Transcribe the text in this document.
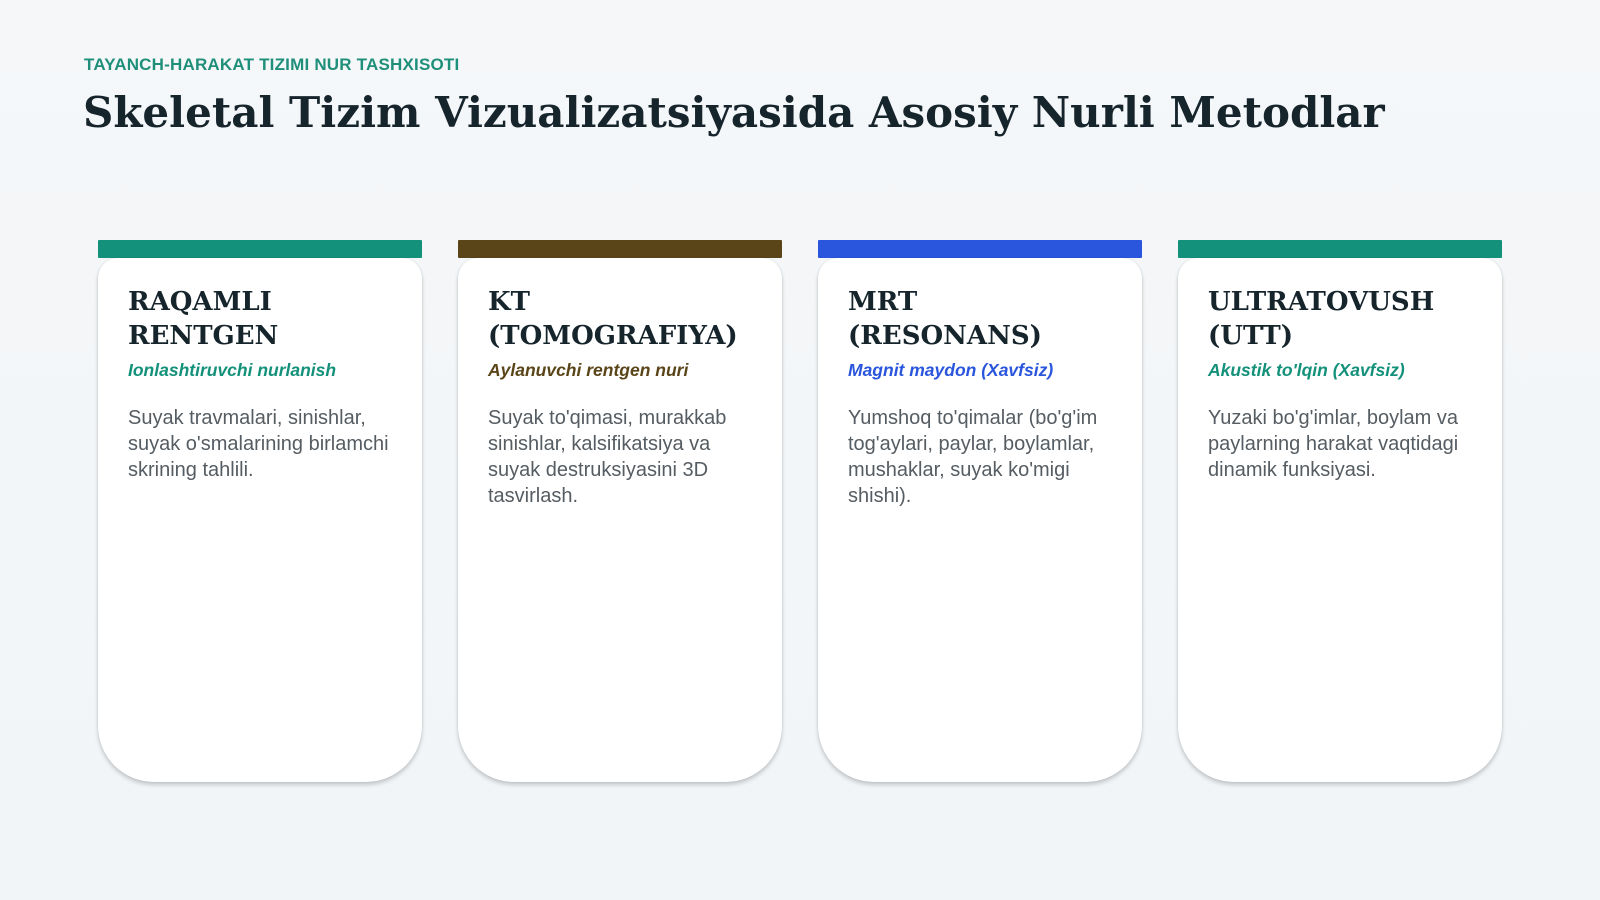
TAYANCH-HARAKAT TIZIMI NUR TASHXISOTI
Skeletal Tizim Vizualizatsiyasida Asosiy Nurli Metodlar
RAQAMLI RENTGEN

Ionlashtiruvchi nurlanish

Suyak travmalari, sinishlar, suyak o'smalarining birlamchi skrining tahlili.

KT (TOMOGRAFIYA)

Aylanuvchi rentgen nuri

Suyak to'qimasi, murakkab sinishlar, kalsifikatsiya va suyak destruksiyasini 3D tasvirlash.

MRT (RESONANS)

Magnit maydon (Xavfsiz)

Yumshoq to'qimalar (bo'g'im tog'aylari, paylar, boylamlar, mushaklar, suyak ko'migi shishi).

ULTRATOVUSH (UTT)

Akustik to'lqin (Xavfsiz)

Yuzaki bo'g'imlar, boylam va paylarning harakat vaqtidagi dinamik funksiyasi.
